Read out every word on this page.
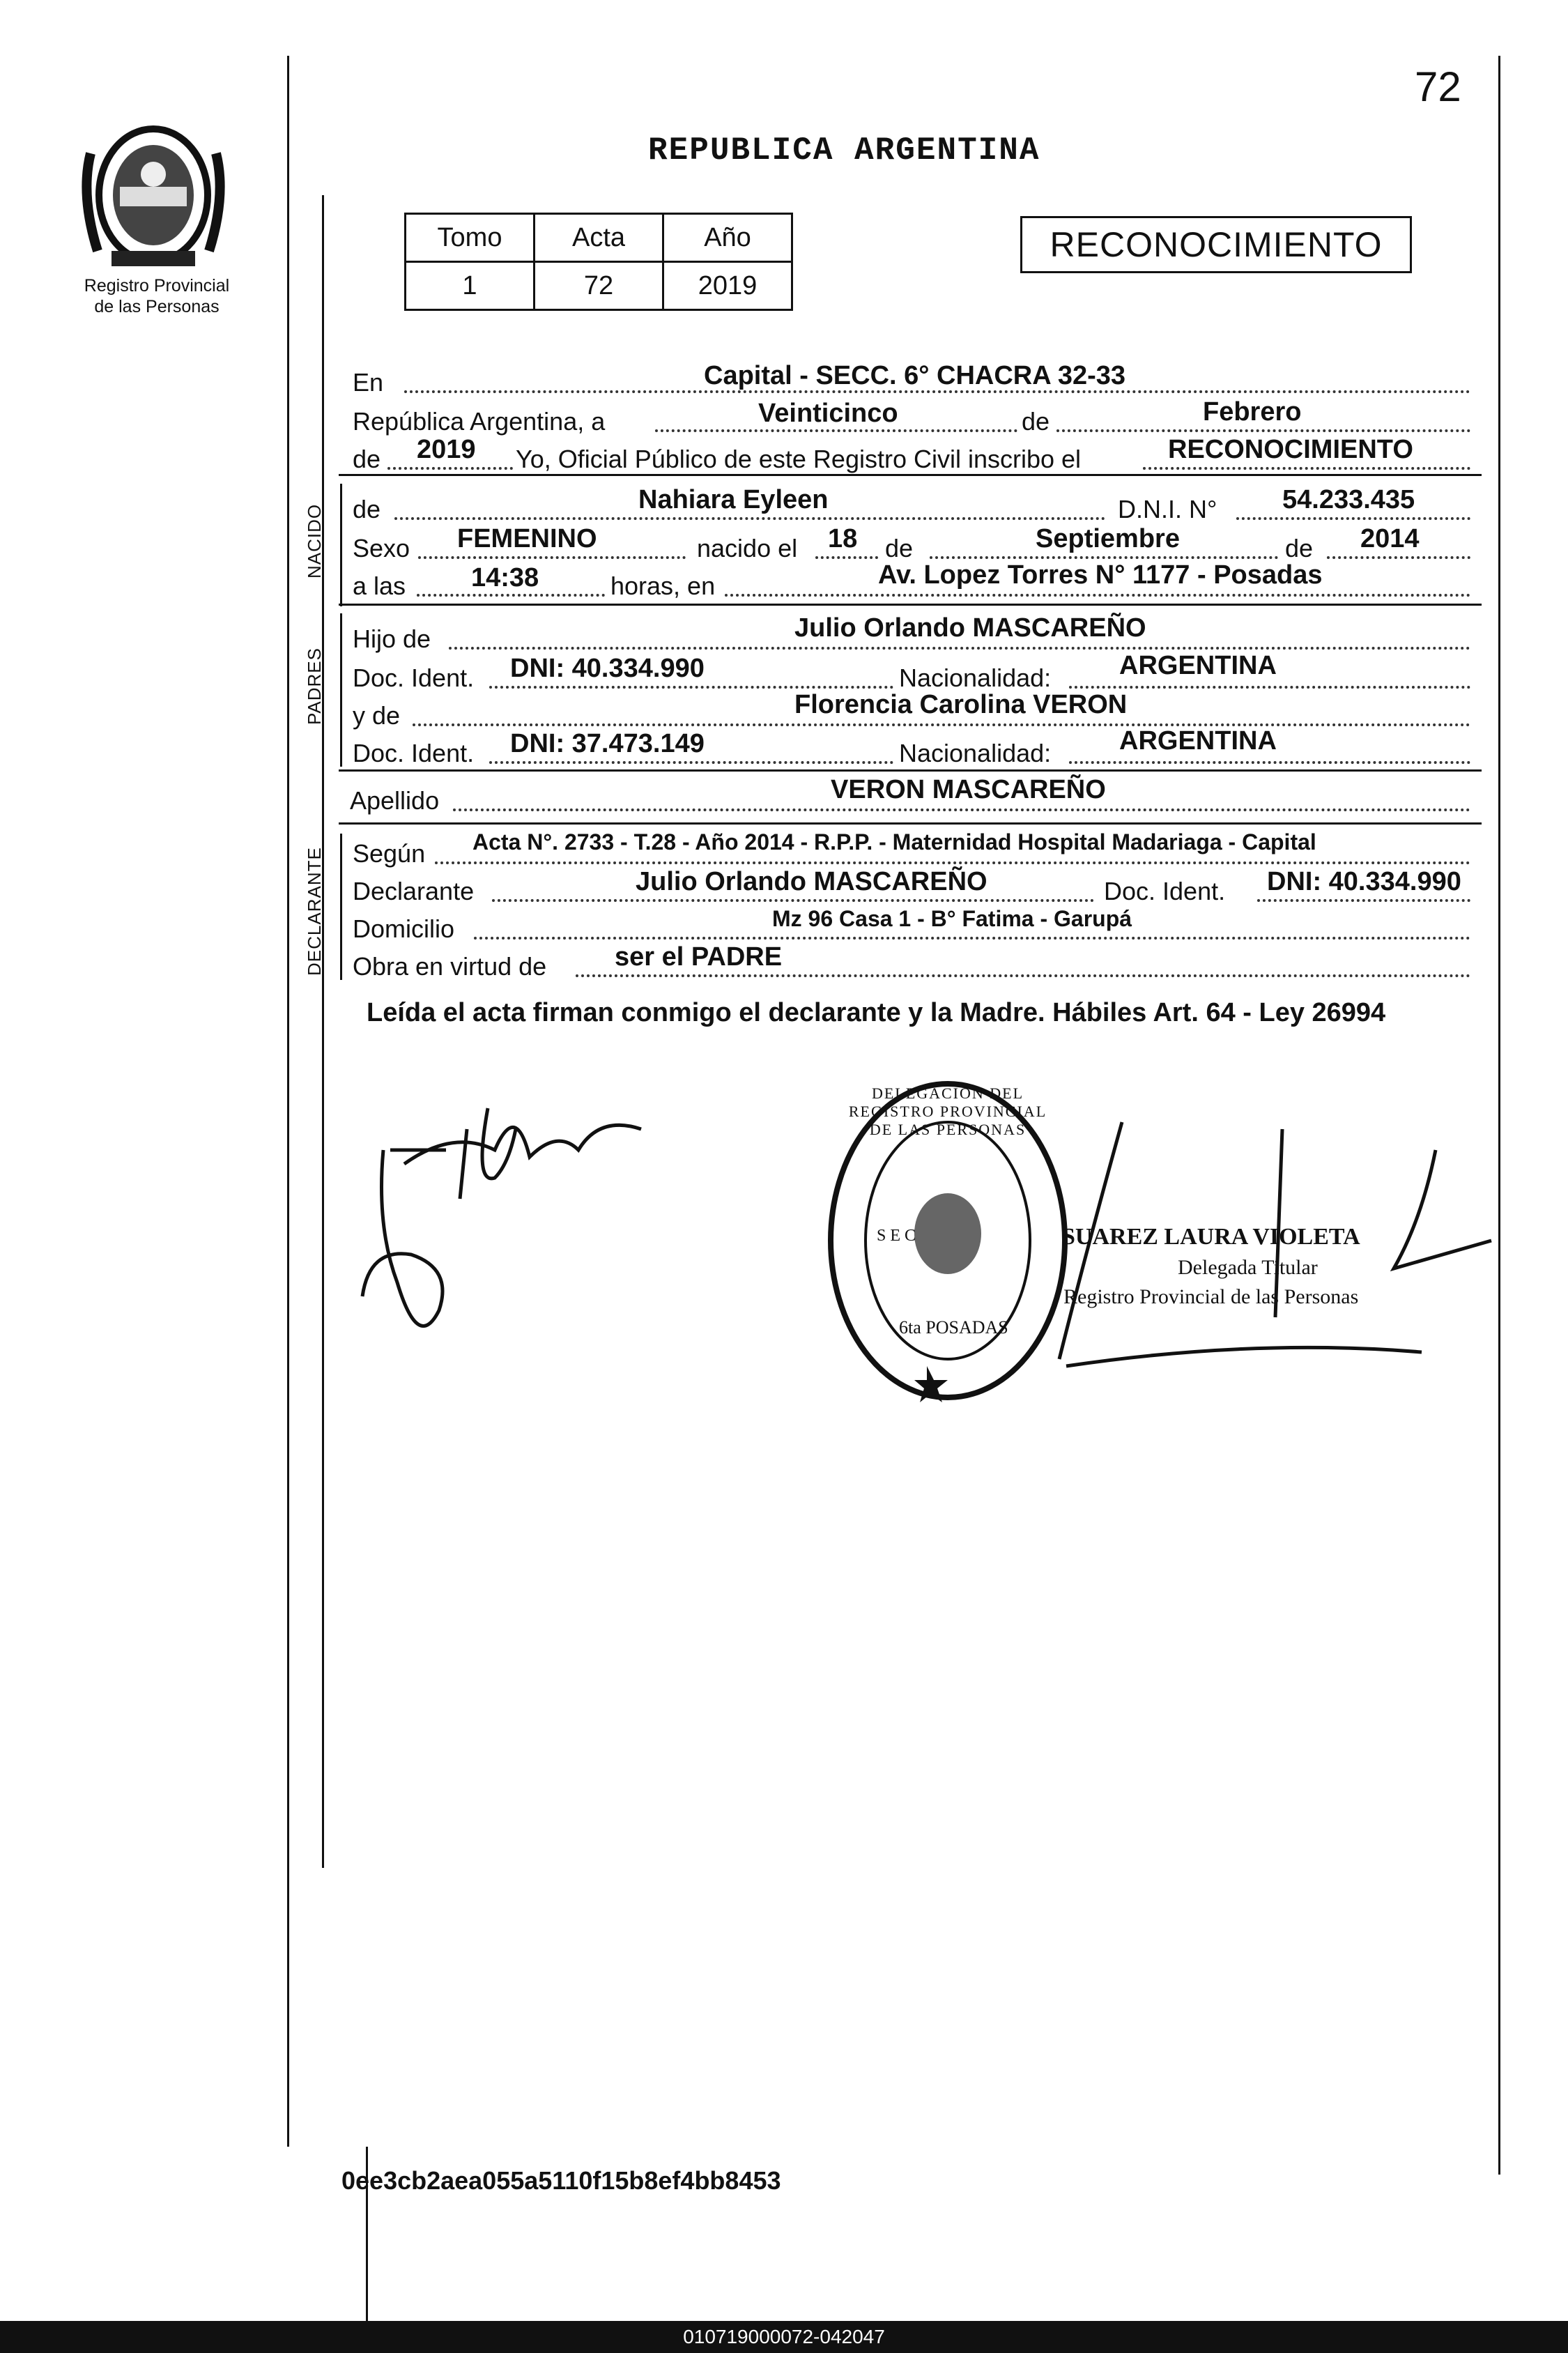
72
REPUBLICA ARGENTINA
Registro Provincial
de las Personas
Tomo	Acta	Año
1	72	2019
RECONOCIMIENTO
En	Capital - SECC. 6° CHACRA 32-33
República Argentina, a	Veinticinco	de	Febrero
de 2019 Yo, Oficial Público de este Registro Civil inscribo el	RECONOCIMIENTO
NACIDO de	Nahiara Eyleen	D.N.I. N° 54.233.435
Sexo FEMENINO	nacido el 18 de	Septiembre	de 2014
a las 14:38	horas, en	Av. Lopez Torres N° 1177 - Posadas
PADRES
Hijo de	Julio Orlando MASCAREÑO
Doc. Ident. DNI: 40.334.990	Nacionalidad:	ARGENTINA
y de	Florencia Carolina VERON
Doc. Ident. DNI: 37.473.149	Nacionalidad:	ARGENTINA
Apellido	VERON MASCAREÑO
DECLARANTE Según Acta N°. 2733 - T.28 - Año 2014 - R.P.P. - Maternidad Hospital Madariaga - Capital
Declarante	Julio Orlando MASCAREÑO	Doc. Ident. DNI: 40.334.990
Domicilio	Mz 96 Casa 1 - B° Fatima - Garupá
Obra en virtud de	ser el PADRE
Leída el acta firman conmigo el declarante y la Madre. Hábiles Art. 64 - Ley 26994
DELEGACION DEL REGISTRO PROVINCIAL DE LAS PERSONAS
S E C
6ta POSADAS
SUAREZ LAURA VIOLETA
Delegada Titular
Registro Provincial de las Personas
0ee3cb2aea055a5110f15b8ef4bb8453
010719000072-042047
